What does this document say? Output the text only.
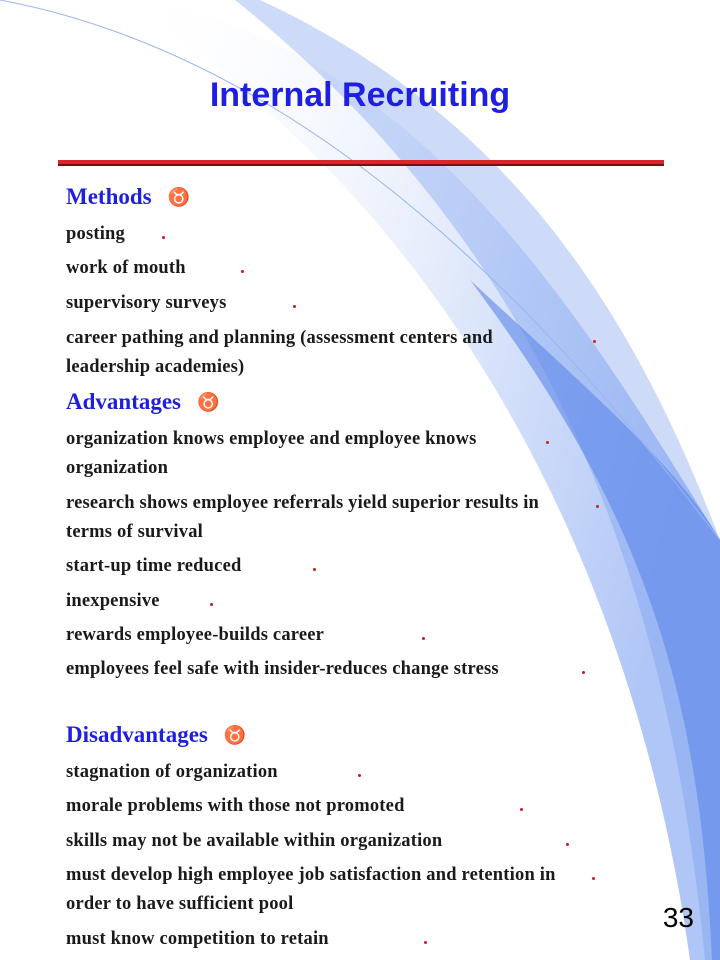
Internal Recruiting
Methods ♉
posting
work of mouth
supervisory surveys
career pathing and planning (assessment centers and leadership academies)
Advantages ♉
organization knows employee and employee knows organization
research shows employee referrals yield superior results in terms of survival
start-up time reduced
inexpensive
rewards employee-builds career
employees feel safe with insider-reduces change stress
Disadvantages ♉
stagnation of organization
morale problems with those not promoted
skills may not be available within organization
must develop high employee job satisfaction and retention in order to have sufficient pool
must know competition to retain
33
